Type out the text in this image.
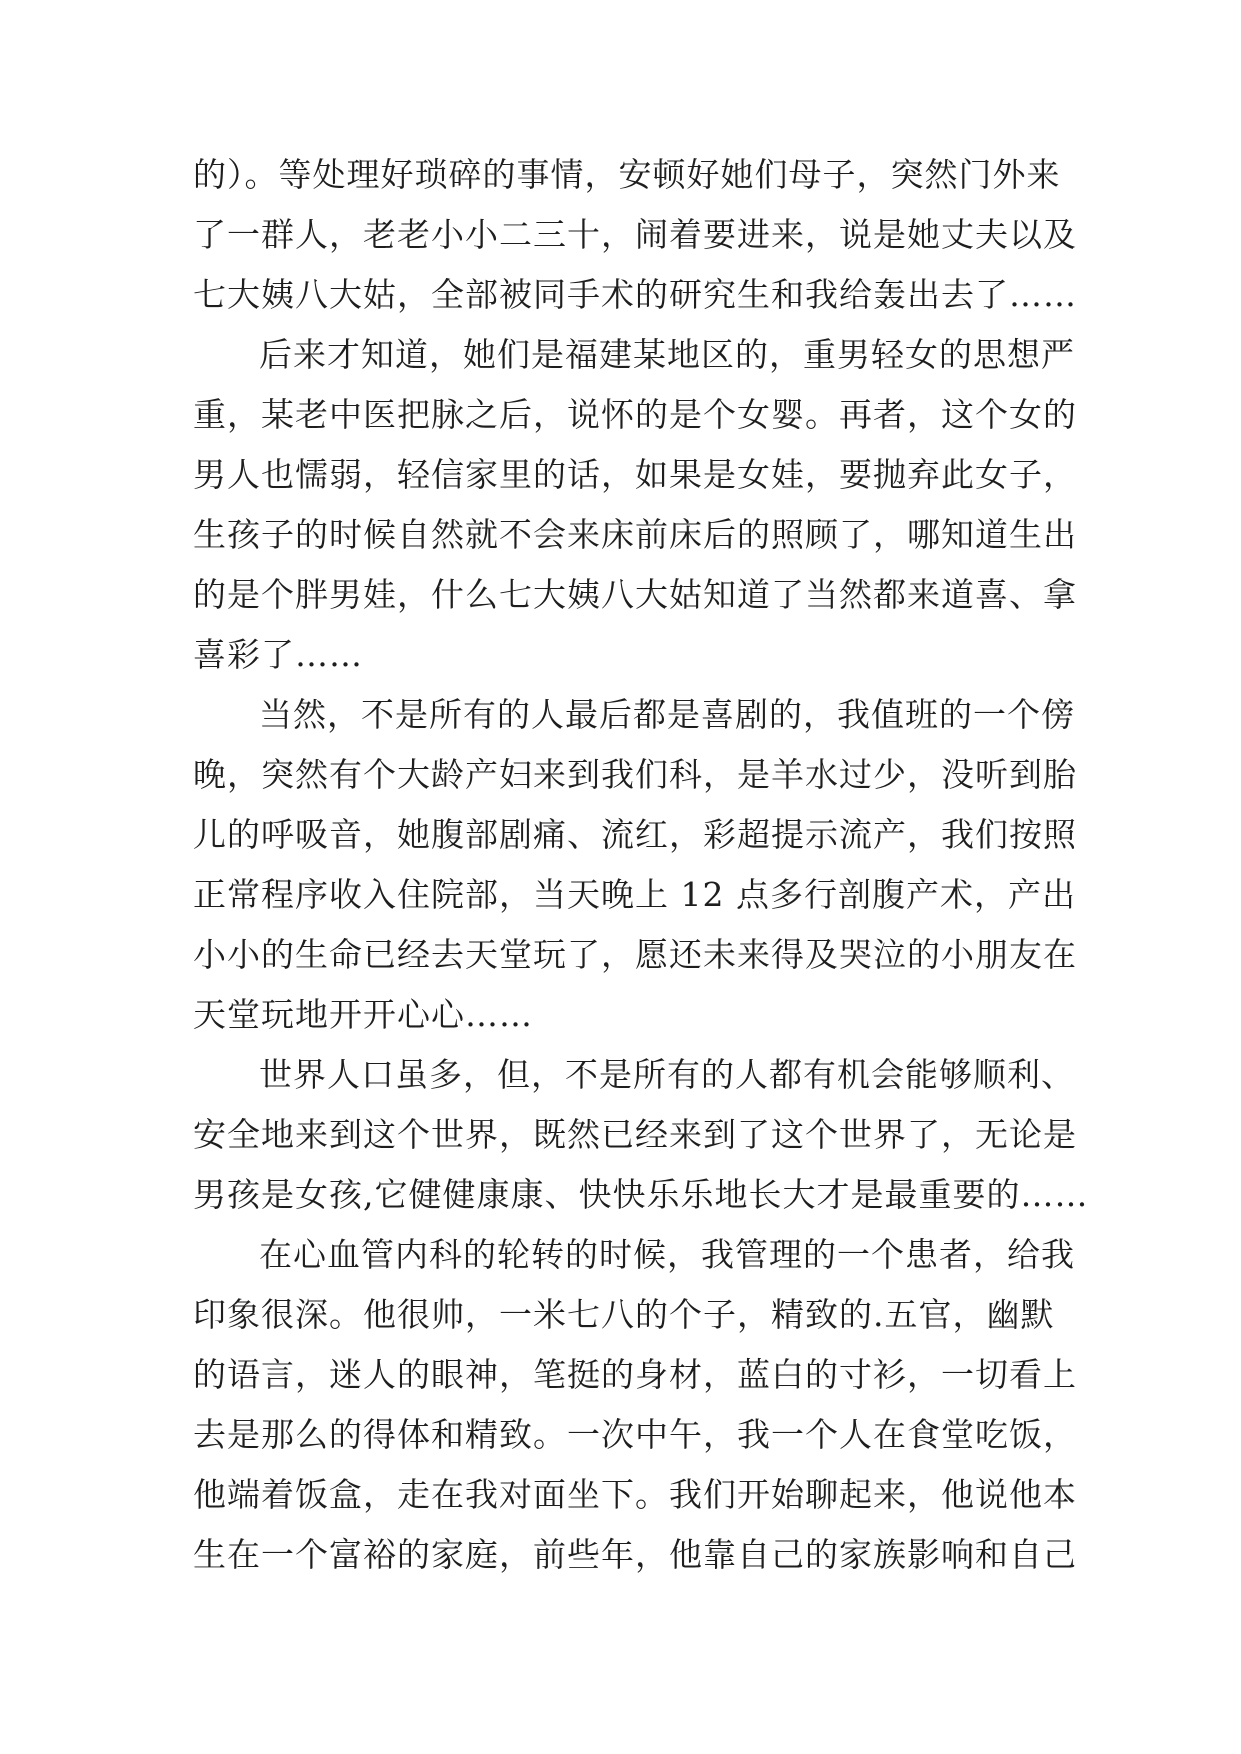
的）。等处理好琐碎的事情，安顿好她们母子，突然门外来
了一群人，老老小小二三十，闹着要进来，说是她丈夫以及
七大姨八大姑，全部被同手术的研究生和我给轰出去了……
后来才知道，她们是福建某地区的，重男轻女的思想严
重，某老中医把脉之后，说怀的是个女婴。再者，这个女的
男人也懦弱，轻信家里的话，如果是女娃，要抛弃此女子，
生孩子的时候自然就不会来床前床后的照顾了，哪知道生出
的是个胖男娃，什么七大姨八大姑知道了当然都来道喜、拿
喜彩了……
当然，不是所有的人最后都是喜剧的，我值班的一个傍
晚，突然有个大龄产妇来到我们科，是羊水过少，没听到胎
儿的呼吸音，她腹部剧痛、流红，彩超提示流产，我们按照
正常程序收入住院部，当天晚上 12 点多行剖腹产术，产出
小小的生命已经去天堂玩了，愿还未来得及哭泣的小朋友在
天堂玩地开开心心……
世界人口虽多，但，不是所有的人都有机会能够顺利、
安全地来到这个世界，既然已经来到了这个世界了，无论是
男孩是女孩,它健健康康、快快乐乐地长大才是最重要的……
在心血管内科的轮转的时候，我管理的一个患者，给我
印象很深。他很帅，一米七八的个子，精致的.五官，幽默
的语言，迷人的眼神，笔挺的身材，蓝白的寸衫，一切看上
去是那么的得体和精致。一次中午，我一个人在食堂吃饭，
他端着饭盒，走在我对面坐下。我们开始聊起来，他说他本
生在一个富裕的家庭，前些年，他靠自己的家族影响和自己
